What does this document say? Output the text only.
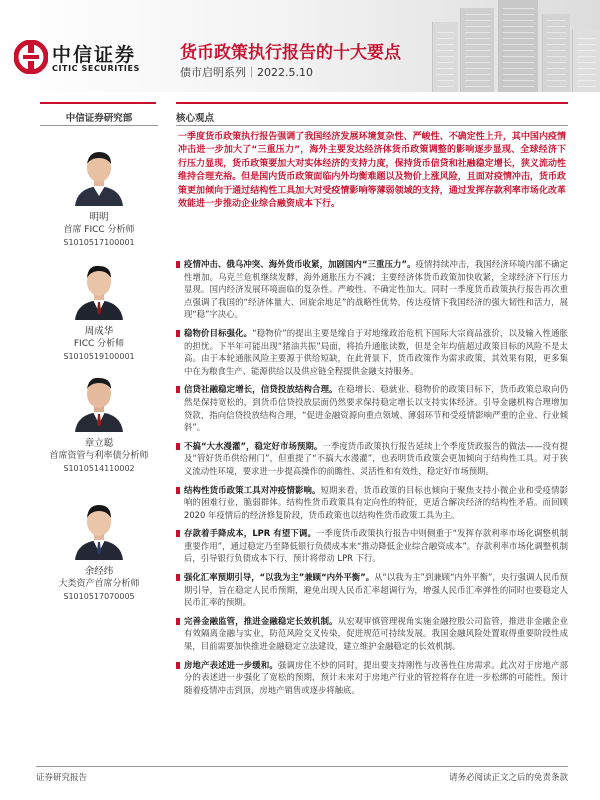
中信证券
CITIC SECURITIES
货币政策执行报告的十大要点
债市启明系列｜2022.5.10
中信证券研究部
明明
首席 FICC 分析师
S1010517100001
周成华
FICC 分析师
S1010519100001
章立聪
首席资管与利率债分析师
S1010514110002
余经纬
大类资产首席分析师
S1010517070005
核心观点
一季度货币政策执行报告强调了我国经济发展环境复杂性、严峻性、不确定性上升，其中国内疫情冲击进一步加大了“三重压力”，海外主要发达经济体货币政策调整的影响逐步显现、全球经济下行压力显现，货币政策要加大对实体经济的支持力度，保持货币信贷和社融稳定增长，狭义流动性维持合理充裕。但是国内货币政策面临内外均衡难题以及物价上涨风险，且面对疫情冲击，货币政策更加倾向于通过结构性工具加大对受疫情影响等薄弱领域的支持，通过发挥存款利率市场化改革效能进一步推动企业综合融资成本下行。
疫情冲击、俄乌冲突、海外货币收紧，加剧国内“三重压力”。疫情持续冲击，我国经济环境内部不确定性增加。乌克兰危机继续发酵，海外通胀压力不减；主要经济体货币政策加快收紧，全球经济下行压力显现。国内经济发展环境面临的复杂性、严峻性、不确定性加大。同时一季度货币政策执行报告再次重点强调了我国的“经济体量大、回旋余地足”的战略性优势，传达疫情下我国经济的强大韧性和活力，展现“稳”字决心。
稳物价目标强化。“稳物价”的提出主要是缘自于对地缘政治危机下国际大宗商品涨价，以及输入性通胀的担忧。下半年可能出现“猪油共振”局面，将抬升通胀读数，但是全年均值超过政策目标的风险不是太高。由于本轮通胀风险主要源于供给短缺，在此背景下，货币政策作为需求政策，其效果有限，更多集中在为粮食生产、能源供给以及供应链全程提供金融支持服务。
信贷社融稳定增长，信贷投放结构合理。在稳增长、稳就业、稳物价的政策目标下，货币政策总取向仍然是保持宽松的，到货币信贷投放层面仍然要求保持稳定增长以支持实体经济。引导金融机构合理增加贷款，指向信贷投放结构合理，“促进金融资源向重点领域、薄弱环节和受疫情影响严重的企业、行业倾斜”。
不搞“大水漫灌”，稳定好市场预期。一季度货币政策执行报告延续上个季度货政报告的做法——没有提及“管好货币供给闸门”，但重提了“不搞大水漫灌”，也表明货币政策会更加倾向于结构性工具。对于狭义流动性环境，要求进一步提高操作的前瞻性、灵活性和有效性，稳定好市场预期。
结构性货币政策工具对冲疫情影响。短期来看，货币政策的目标也倾向于聚焦支持小微企业和受疫情影响的困难行业，脆弱群体。结构性货币政策具有定向性的特征，更适合解决经济的结构性矛盾。而回顾 2020 年疫情后的经济修复阶段，货币政策也以结构性货币政策工具为主。
存款着手降成本，LPR 有望下调。一季度货币政策执行报告中则侧重于“发挥存款利率市场化调整机制重要作用”，通过稳定乃至降低银行负债成本来“推动降低企业综合融资成本”。存款利率市场化调整机制后，引导银行负债成本下行，预计将带动 LPR 下行。
强化汇率预期引导，“以我为主”兼顾“内外平衡”。从“以我为主”到兼顾“内外平衡”，央行强调人民币预期引导，旨在稳定人民币预期，避免出现人民币汇率超调行为，增强人民币汇率弹性的同时也要稳定人民币汇率的预期。
完善金融监管，推进金融稳定长效机制。从宏观审慎管理视角实施金融控股公司监管，推进非金融企业有效隔离金融与实业，防范风险交叉传染，促进规范可持续发展。我国金融风险处置取得重要阶段性成果，目前需要加快推进金融稳定立法建设，建立维护金融稳定的长效机制。
房地产表述进一步缓和。强调房住不炒的同时，提出要支持刚性与改善性住房需求。此次对于房地产部分的表述进一步强化了宽松的预期，预计未来对于房地产行业的管控将存在进一步松绑的可能性。预计随着疫情冲击到顶，房地产销售或逐步将触底。
证券研究报告	请务必阅读正文之后的免责条款
